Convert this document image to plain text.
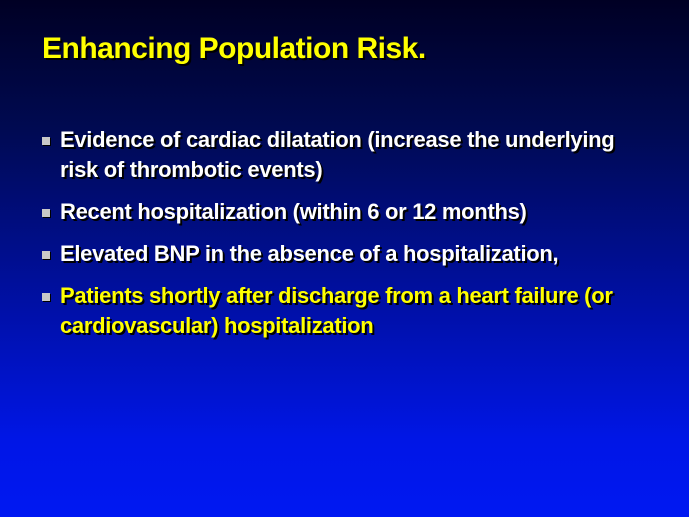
Enhancing Population Risk.
Evidence of cardiac dilatation (increase the underlying risk of thrombotic events)
Recent hospitalization (within 6 or 12 months)
Elevated BNP in the absence of a hospitalization,
Patients shortly after discharge from a heart failure (or cardiovascular) hospitalization
